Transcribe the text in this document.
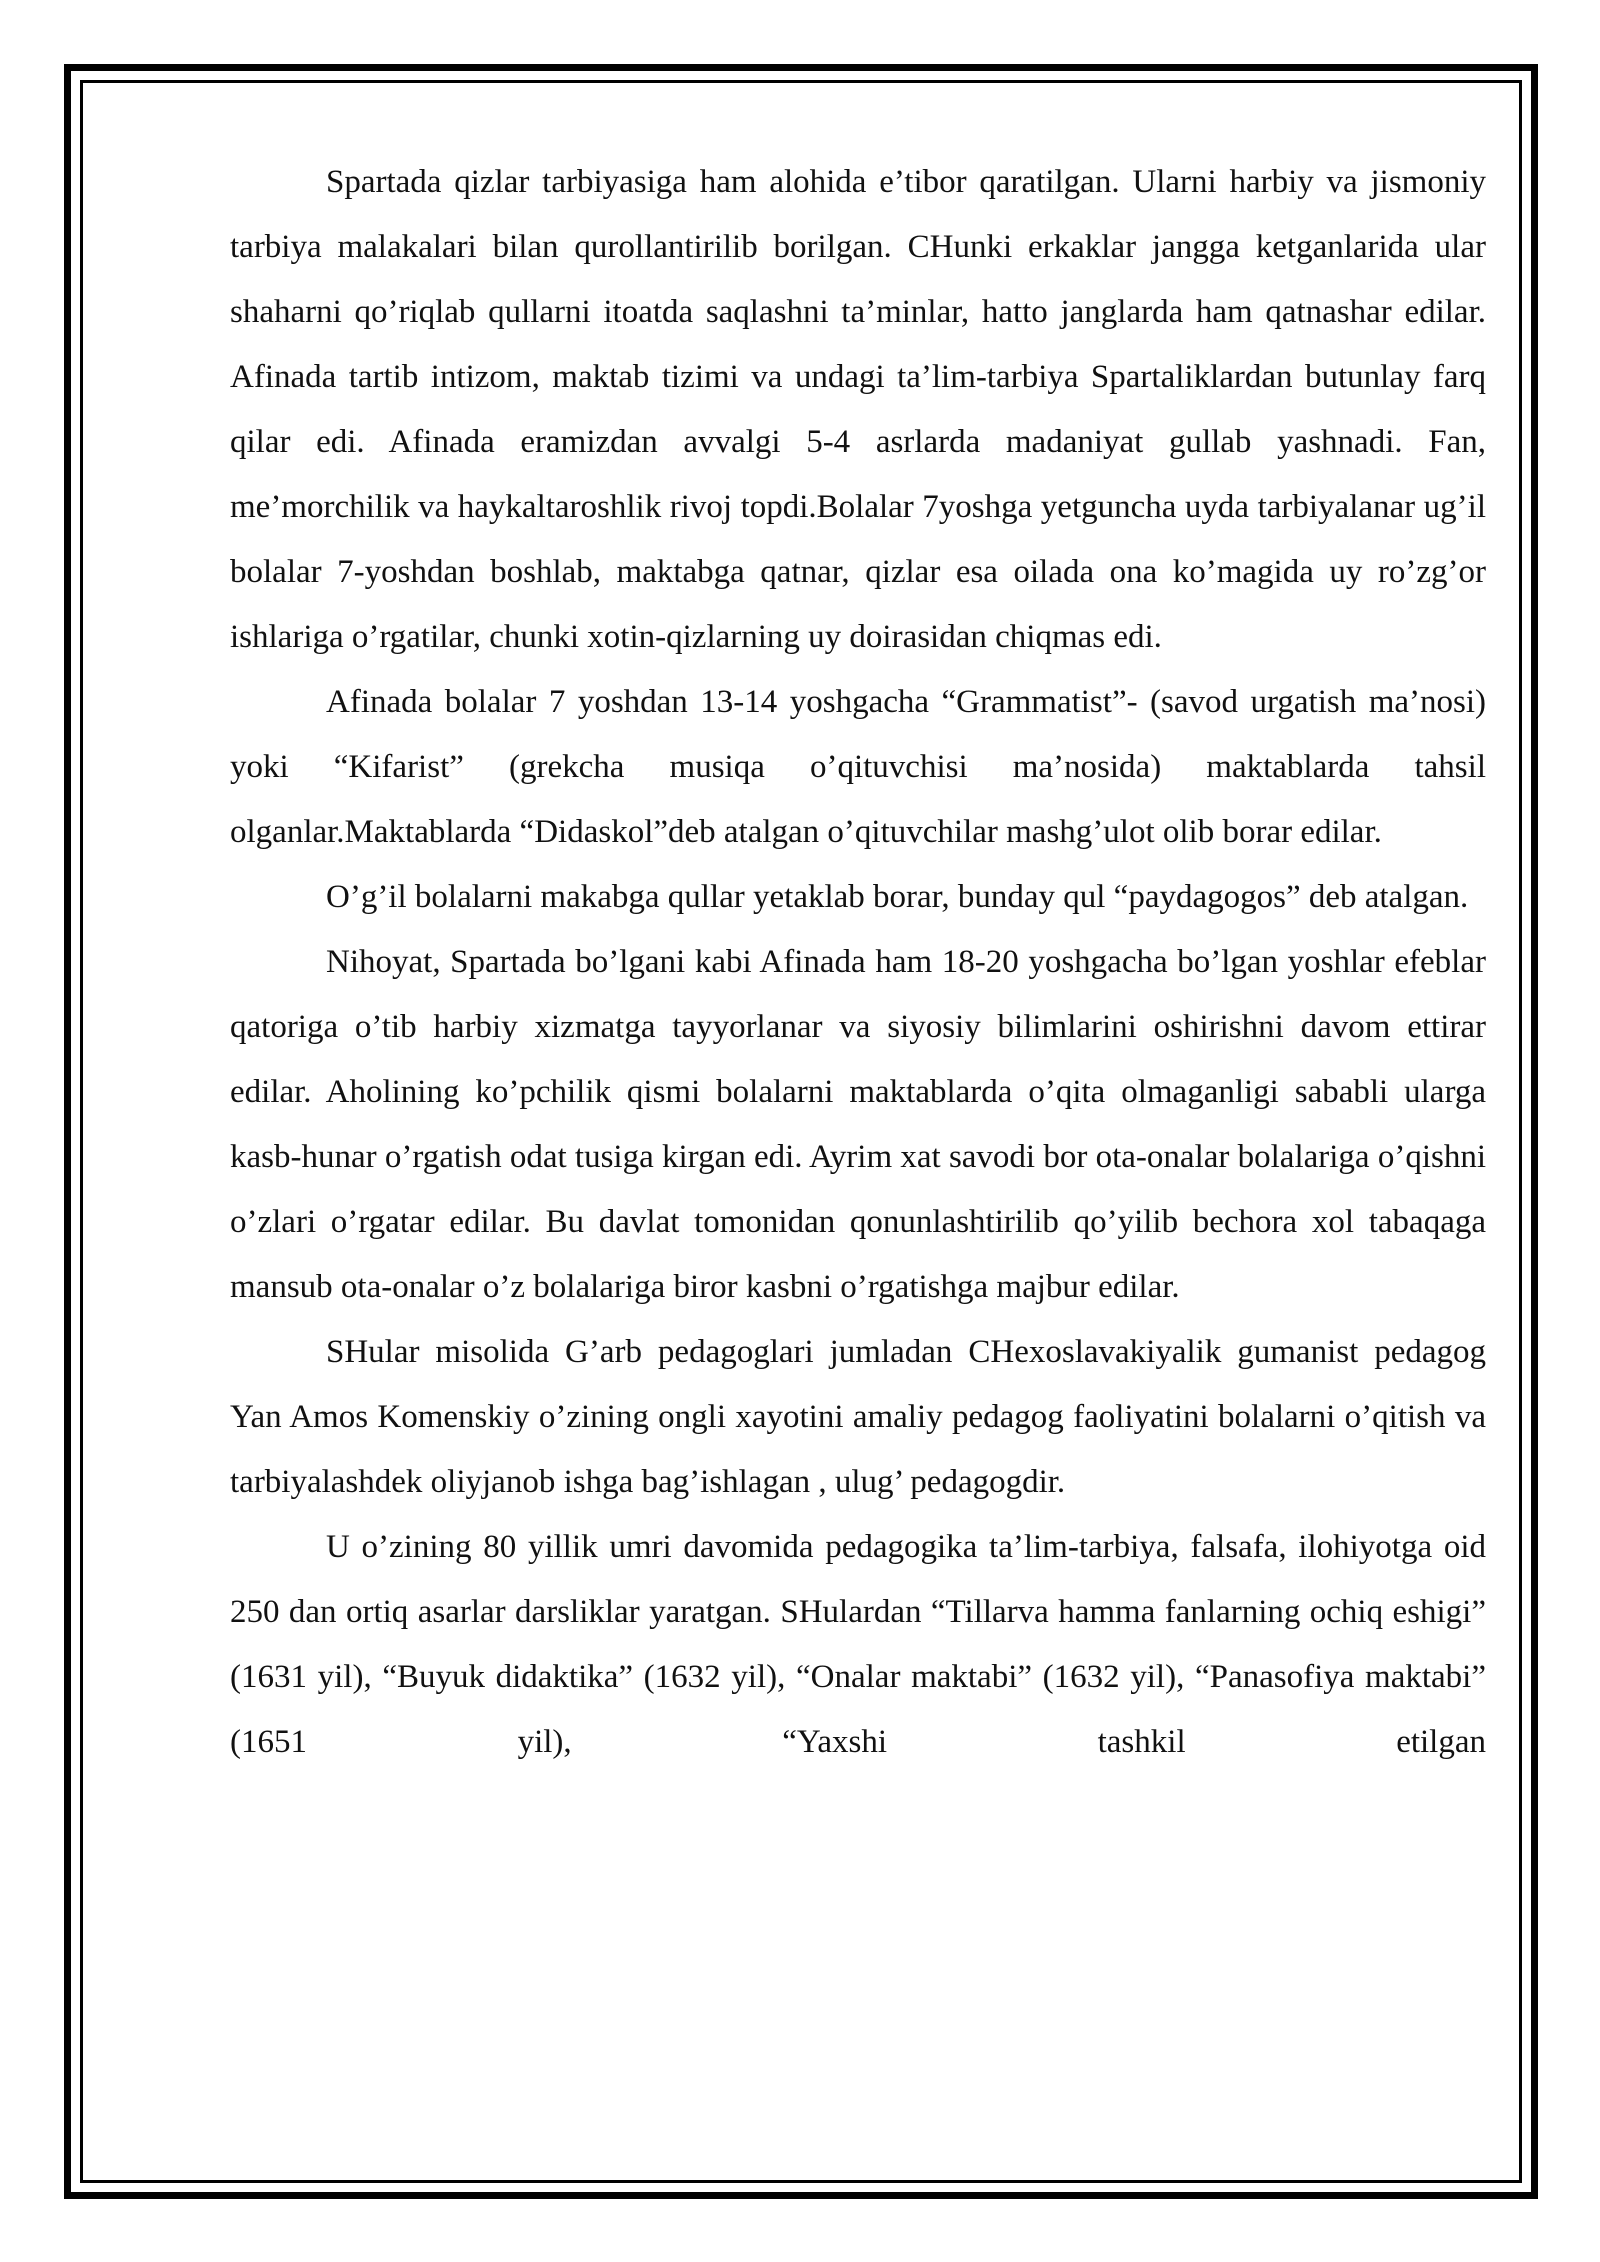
Spartada qizlar tarbiyasiga ham alohida e’tibor qaratilgan. Ularni harbiy va jismoniy tarbiya malakalari bilan qurollantirilib borilgan. CHunki erkaklar jangga ketganlarida ular shaharni qo’riqlab qullarni itoatda saqlashni ta’minlar, hatto janglarda ham qatnashar edilar. Afinada tartib intizom, maktab tizimi va undagi ta’lim-tarbiya Spartaliklardan butunlay farq qilar edi. Afinada eramizdan avvalgi 5-4 asrlarda madaniyat gullab yashnadi. Fan, me’morchilik va haykaltaroshlik rivoj topdi.Bolalar 7yoshga yetguncha uyda tarbiyalanar ug’il bolalar 7-yoshdan boshlab, maktabga qatnar, qizlar esa oilada ona ko’magida uy ro’zg’or ishlariga o’rgatilar, chunki xotin-qizlarning uy doirasidan chiqmas edi.

Afinada bolalar 7 yoshdan 13-14 yoshgacha “Grammatist”- (savod urgatish ma’nosi) yoki “Kifarist” (grekcha musiqa o’qituvchisi ma’nosida) maktablarda tahsil olganlar.Maktablarda “Didaskol”deb atalgan o’qituvchilar mashg’ulot olib borar edilar.

O’g’il bolalarni makabga qullar yetaklab borar, bunday qul “paydagogos” deb atalgan.

Nihoyat, Spartada bo’lgani kabi Afinada ham 18-20 yoshgacha bo’lgan yoshlar efeblar qatoriga o’tib harbiy xizmatga tayyorlanar va siyosiy bilimlarini oshirishni davom ettirar edilar. Aholining ko’pchilik qismi bolalarni maktablarda o’qita olmaganligi sababli ularga kasb-hunar o’rgatish odat tusiga kirgan edi. Ayrim xat savodi bor ota-onalar bolalariga o’qishni o’zlari o’rgatar edilar. Bu davlat tomonidan qonunlashtirilib qo’yilib bechora xol tabaqaga mansub ota-onalar o’z bolalariga biror kasbni o’rgatishga majbur edilar.

SHular misolida G’arb pedagoglari jumladan CHexoslavakiyalik gumanist pedagog Yan Amos Komenskiy o’zining ongli xayotini amaliy pedagog faoliyatini bolalarni o’qitish va tarbiyalashdek oliyjanob ishga bag’ishlagan , ulug’ pedagogdir.

U o’zining 80 yillik umri davomida pedagogika ta’lim-tarbiya, falsafa, ilohiyotga oid 250 dan ortiq asarlar darsliklar yaratgan. SHulardan “Tillarva hamma fanlarning ochiq eshigi” (1631 yil), “Buyuk didaktika” (1632 yil), “Onalar maktabi” (1632 yil), “Panasofiya maktabi” (1651 yil), “Yaxshi tashkil etilgan
